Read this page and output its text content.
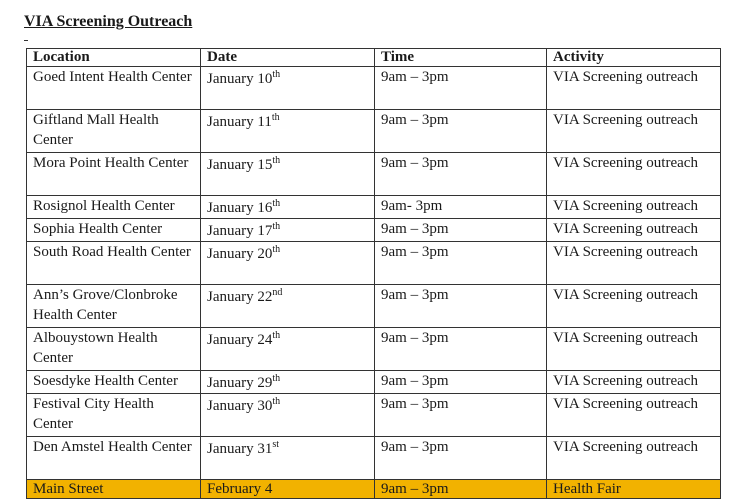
VIA Screening Outreach
Location	Date	Time	Activity
Goed Intent Health Center	January 10th	9am – 3pm	VIA Screening outreach
Giftland Mall Health Center	January 11th	9am – 3pm	VIA Screening outreach
Mora Point Health Center	January 15th	9am – 3pm	VIA Screening outreach
Rosignol Health Center	January 16th	9am- 3pm	VIA Screening outreach
Sophia Health Center	January 17th	9am – 3pm	VIA Screening outreach
South Road Health Center	January 20th	9am – 3pm	VIA Screening outreach
Ann’s Grove/Clonbroke Health Center	January 22nd	9am – 3pm	VIA Screening outreach
Albouystown Health Center	January 24th	9am – 3pm	VIA Screening outreach
Soesdyke Health Center	January 29th	9am – 3pm	VIA Screening outreach
Festival City Health Center	January 30th	9am – 3pm	VIA Screening outreach
Den Amstel Health Center	January 31st	9am – 3pm	VIA Screening outreach
Main Street	February 4	9am – 3pm	Health Fair
